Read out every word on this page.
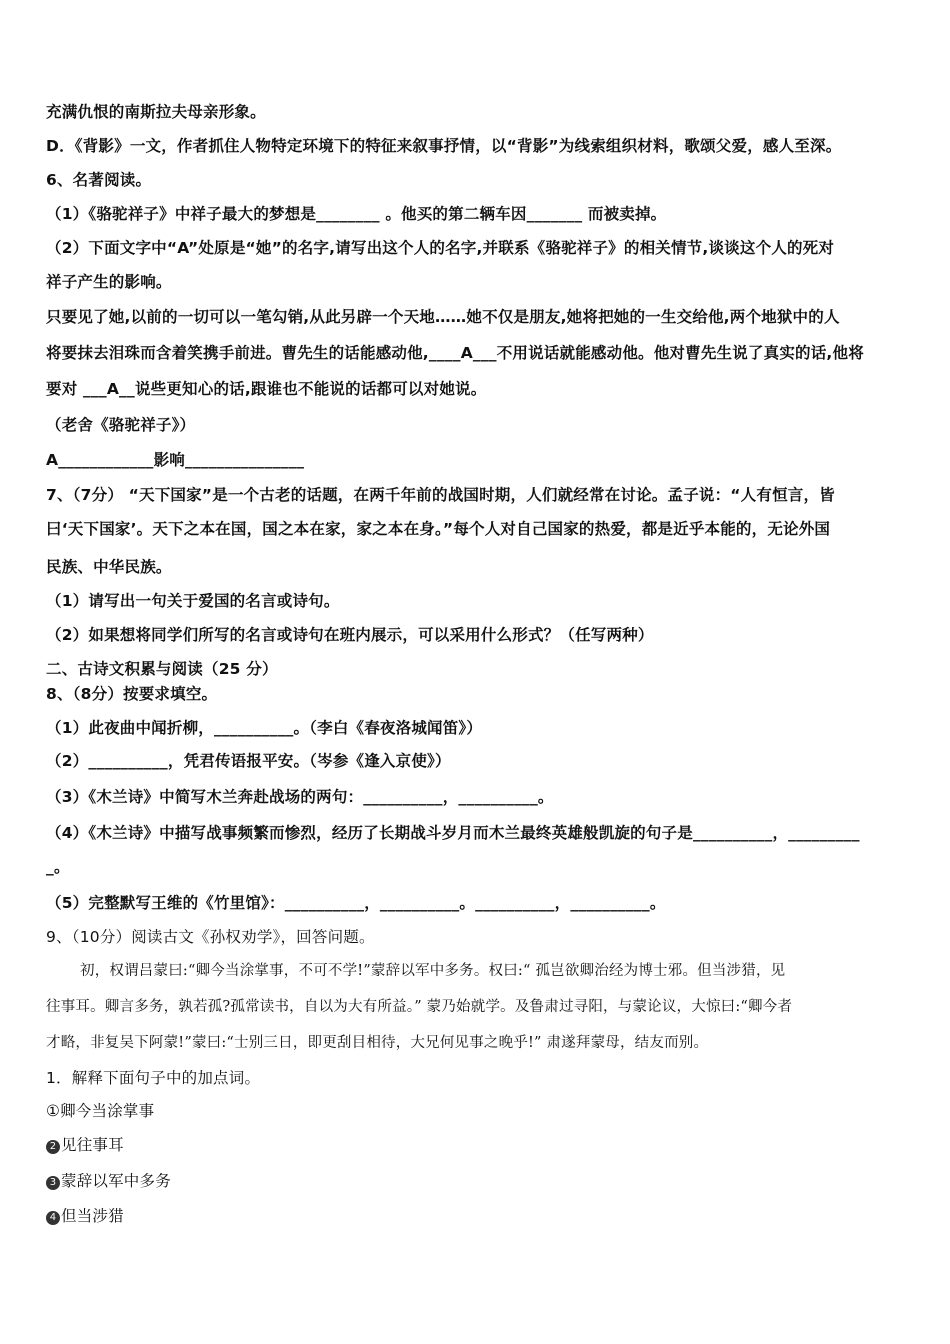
充满仇恨的南斯拉夫母亲形象。
D．《背影》一文，作者抓住人物特定环境下的特征来叙事抒情，以“背影”为线索组织材料，歌颂父爱，感人至深。
6、名著阅读。
（1）《骆驼祥子》中祥子最大的梦想是________ 。他买的第二辆车因_______ 而被卖掉。
（2）下面文字中“A”处原是“她”的名字,请写出这个人的名字,并联系《骆驼祥子》的相关情节,谈谈这个人的死对
祥子产生的影响。
只要见了她,以前的一切可以一笔勾销,从此另辟一个天地……她不仅是朋友,她将把她的一生交给他,两个地狱中的人
将要抹去泪珠而含着笑携手前进。曹先生的话能感动他,____A___不用说话就能感动他。他对曹先生说了真实的话,他将
要对 ___A__说些更知心的话,跟谁也不能说的话都可以对她说。
（老舍《骆驼祥子》）
A____________影响_______________
7、（7分） “天下国家”是一个古老的话题，在两千年前的战国时期，人们就经常在讨论。孟子说：“人有恒言，皆
曰‘天下国家’。天下之本在国，国之本在家，家之本在身。”每个人对自己国家的热爱，都是近乎本能的，无论外国
民族、中华民族。
（1）请写出一句关于爱国的名言或诗句。
（2）如果想将同学们所写的名言或诗句在班内展示，可以采用什么形式？（任写两种）
二、古诗文积累与阅读（25 分）
8、（8分）按要求填空。
（1）此夜曲中闻折柳，__________。（李白《春夜洛城闻笛》）
（2）__________，凭君传语报平安。（岑参《逢入京使》）
（3）《木兰诗》中简写木兰奔赴战场的两句：__________，__________。
（4）《木兰诗》中描写战事频繁而惨烈，经历了长期战斗岁月而木兰最终英雄般凯旋的句子是__________，_________
_。
（5）完整默写王维的《竹里馆》：__________，__________。__________，__________。
9、（10分）阅读古文《孙权劝学》，回答问题。
初，权谓吕蒙曰:“卿今当涂掌事，不可不学!”蒙辞以军中多务。权曰:“ 孤岂欲卿治经为博士邪。但当涉猎，见
往事耳。卿言多务，孰若孤?孤常读书，自以为大有所益。” 蒙乃始就学。及鲁肃过寻阳，与蒙论议，大惊曰:“卿今者
才略，非复吴下阿蒙!”蒙曰:“士别三日，即更刮目相待，大兄何见事之晚乎!” 肃遂拜蒙母，结友而别。
1．解释下面句子中的加点词。
①卿今当涂掌事
2 见往事耳
3 蒙辞以军中多务
4 但当涉猎
